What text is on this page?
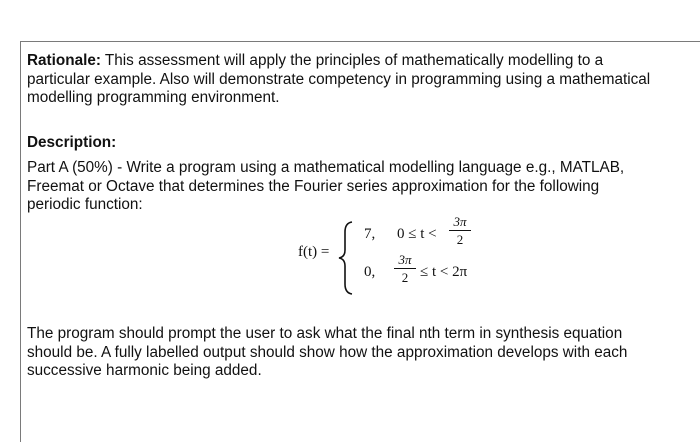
Rationale: This assessment will apply the principles of mathematically modelling to a
particular example. Also will demonstrate competency in programming using a mathematical
modelling programming environment.

Description:

Part A (50%) - Write a program using a mathematical modelling language e.g., MATLAB,
Freemat or Octave that determines the Fourier series approximation for the following
periodic function:

f(t) =
7, 0 ≤ t <
3π
2
0,
3π
2 ≤ t < 2π

The program should prompt the user to ask what the final nth term in synthesis equation
should be. A fully labelled output should show how the approximation develops with each
successive harmonic being added.
